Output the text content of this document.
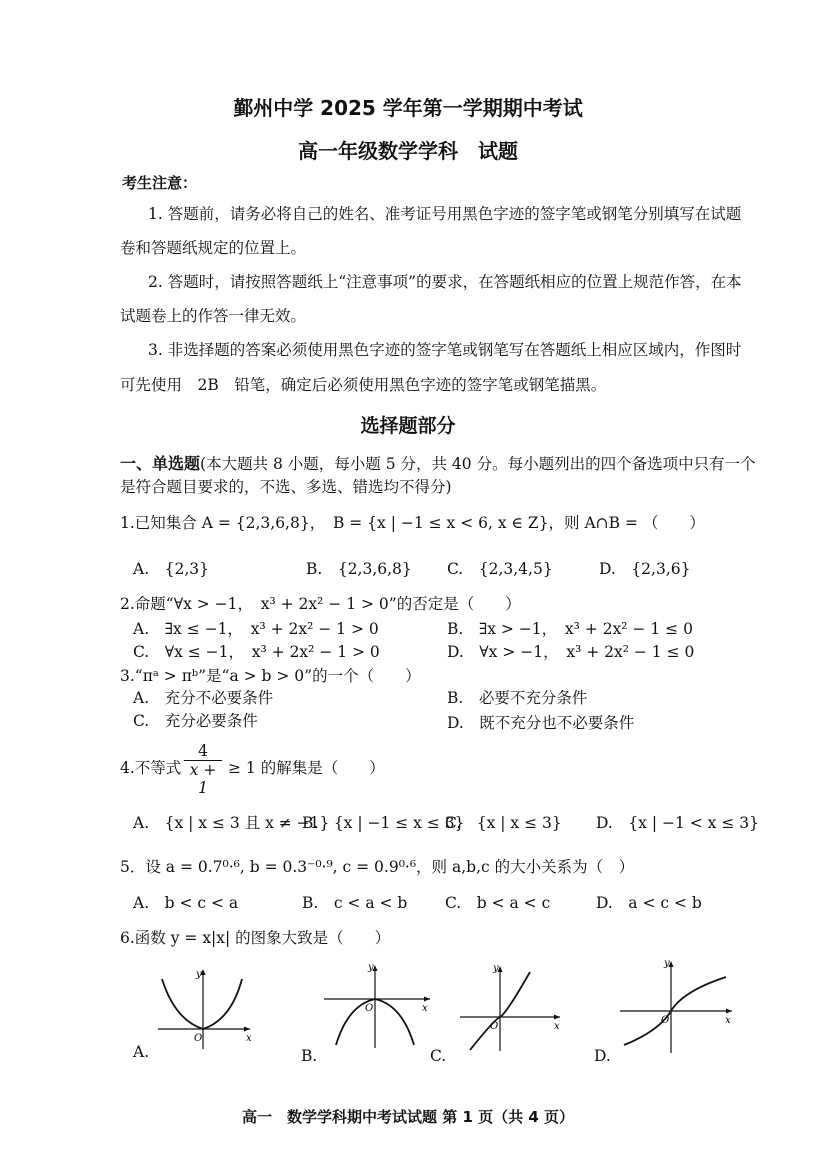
鄞州中学 2025 学年第一学期期中考试
高一年级数学学科　试题
考生注意：
1. 答题前，请务必将自己的姓名、准考证号用黑色字迹的签字笔或钢笔分别填写在试题
卷和答题纸规定的位置上。
2. 答题时，请按照答题纸上“注意事项”的要求，在答题纸相应的位置上规范作答，在本
试题卷上的作答一律无效。
3. 非选择题的答案必须使用黑色字迹的签字笔或钢笔写在答题纸上相应区域内，作图时
可先使用　2B　铅笔，确定后必须使用黑色字迹的签字笔或钢笔描黑。
选择题部分
一、单选题(本大题共 8 小题，每小题 5 分，共 40 分。每小题列出的四个备选项中只有一个
是符合题目要求的，不选、多选、错选均不得分)
1.已知集合 A = {2,3,6,8}，　B = {x | −1 ≤ x < 6, x ∈ Z}，则 A∩B = （　　）
A.　{2,3}	B.　{2,3,6,8} C.　{2,3,4,5}	D.　{2,3,6}
2.命题“∀x > −1，　x³ + 2x² − 1 > 0”的否定是（　　）
A.　∃x ≤ −1，　x³ + 2x² − 1 > 0	B.　∃x > −1，　x³ + 2x² − 1 ≤ 0
C.　∀x ≤ −1，　x³ + 2x² − 1 > 0	D.　∀x > −1，　x³ + 2x² − 1 ≤ 0
3.“πᵃ > πᵇ”是“a > b > 0”的一个（　　）
A.　充分不必要条件	B.　必要不充分条件
C.　充分必要条件	D.　既不充分也不必要条件
4.不等式 $\frac{4}{x + 1} \ge 1$ 的解集是（　　）
A.　{x | x ≤ 3 且 x ≠ −1}
B.　{x | −1 ≤ x ≤ 3}
C.　{x | x ≤ 3} D.　{x | −1 < x ≤ 3}
5．设 a = 0.7⁰·⁶, b = 0.3⁻⁰·⁹, c = 0.9⁰·⁶，则 a,b,c 的大小关系为（　）
A.　b < c < a	B.　c < a < b C.　b < a < c	D.　a < c < b
6.函数 y = x|x| 的图象大致是（　　）
x
y
O
A.
x
y
O
B.
x
y
O
C.
x
y
O
D.
高一　数学学科期中考试试题 第 1 页（共 4 页）
